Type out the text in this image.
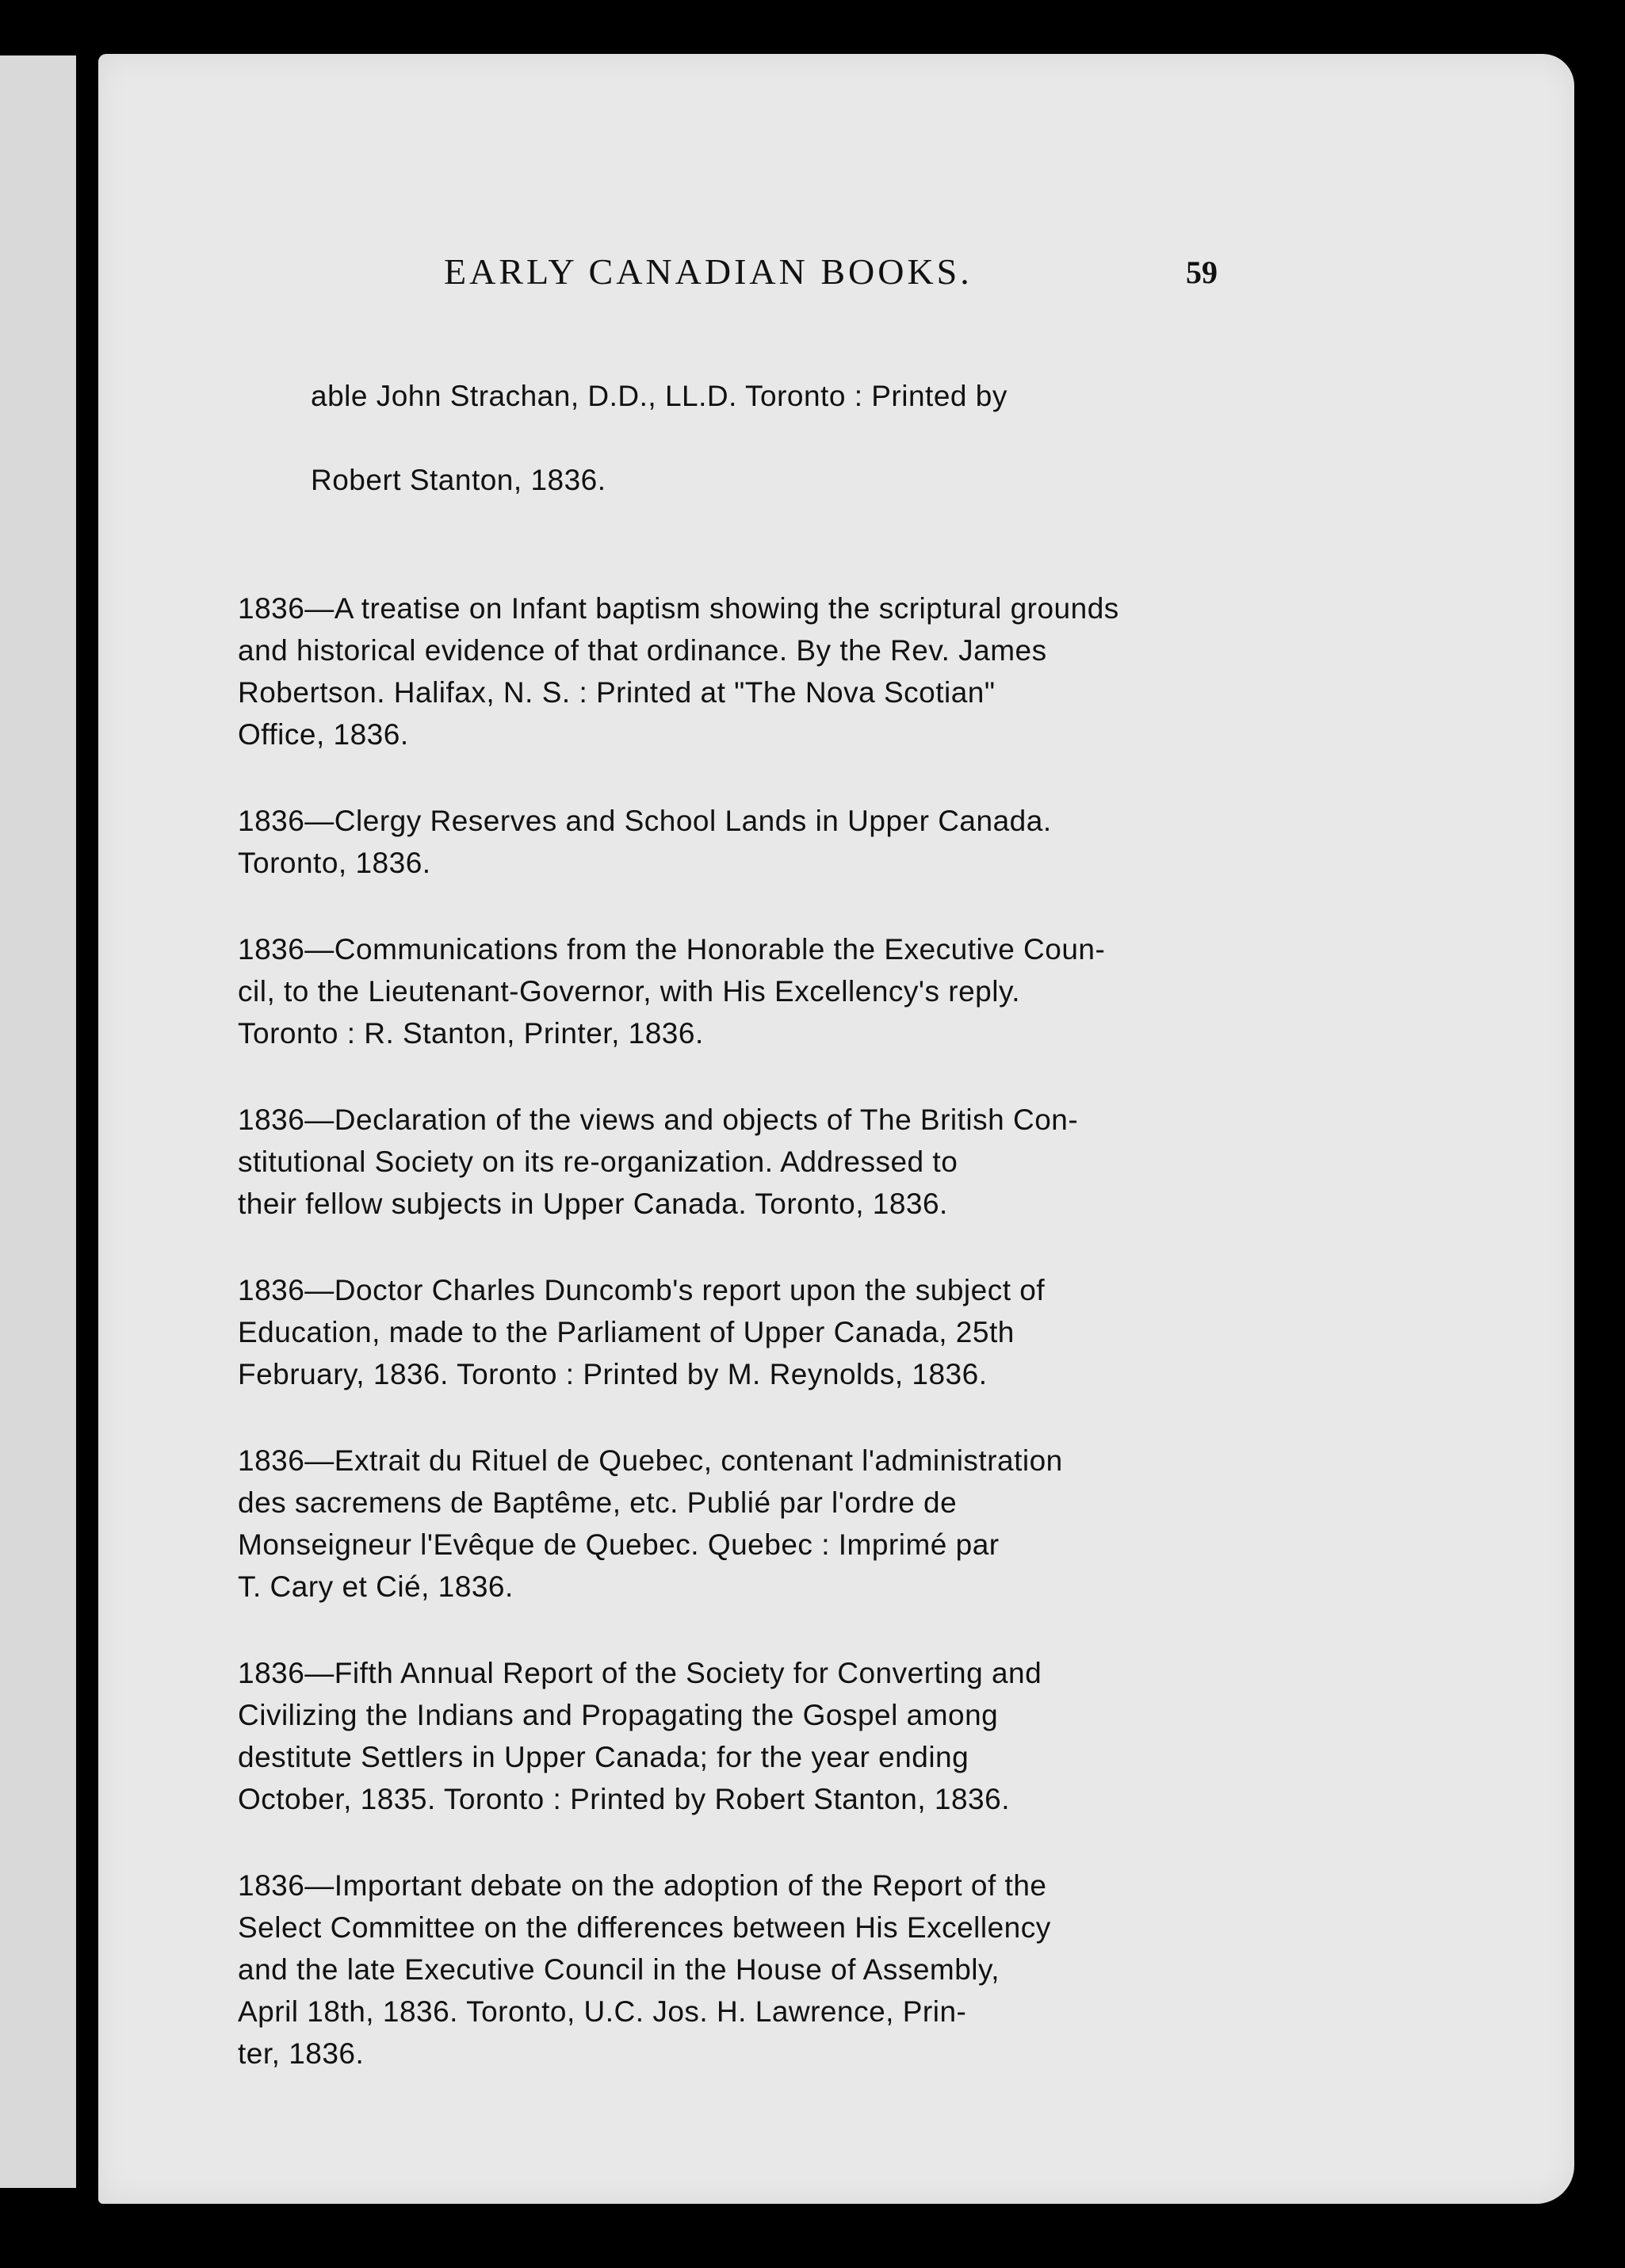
EARLY CANADIAN BOOKS.	59

able John Strachan, D.D., LL.D. Toronto : Printed by

Robert Stanton, 1836.

1836—A treatise on Infant baptism showing the scriptural grounds
and historical evidence of that ordinance. By the Rev. James
Robertson. Halifax, N. S. : Printed at "The Nova Scotian"
Office, 1836.
1836—Clergy Reserves and School Lands in Upper Canada.
Toronto, 1836.
1836—Communications from the Honorable the Executive Coun-
cil, to the Lieutenant-Governor, with His Excellency's reply.
Toronto : R. Stanton, Printer, 1836.
1836—Declaration of the views and objects of The British Con-
stitutional Society on its re-organization. Addressed to
their fellow subjects in Upper Canada. Toronto, 1836.
1836—Doctor Charles Duncomb's report upon the subject of
Education, made to the Parliament of Upper Canada, 25th
February, 1836. Toronto : Printed by M. Reynolds, 1836.
1836—Extrait du Rituel de Quebec, contenant l'administration
des sacremens de Baptême, etc. Publié par l'ordre de
Monseigneur l'Evêque de Quebec. Quebec : Imprimé par
T. Cary et Cié, 1836.
1836—Fifth Annual Report of the Society for Converting and
Civilizing the Indians and Propagating the Gospel among
destitute Settlers in Upper Canada; for the year ending
October, 1835. Toronto : Printed by Robert Stanton, 1836.
1836—Important debate on the adoption of the Report of the
Select Committee on the differences between His Excellency
and the late Executive Council in the House of Assembly,
April 18th, 1836. Toronto, U.C. Jos. H. Lawrence, Prin-
ter, 1836.
